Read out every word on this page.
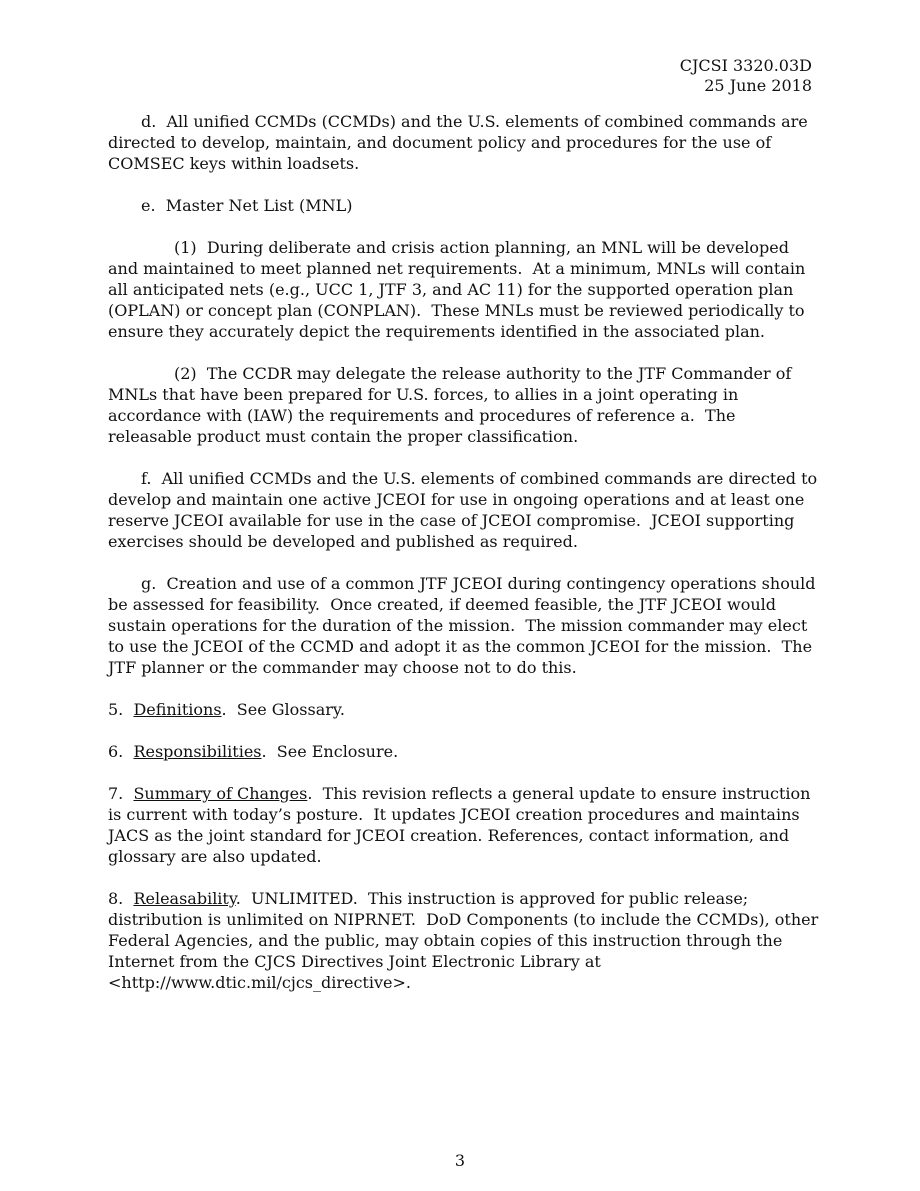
CJCSI 3320.03D
25 June 2018

d.  All unified CCMDs (CCMDs) and the U.S. elements of combined commands are directed to develop, maintain, and document policy and procedures for the use of COMSEC keys within loadsets.

e.  Master Net List (MNL)

(1)  During deliberate and crisis action planning, an MNL will be developed and maintained to meet planned net requirements.  At a minimum, MNLs will contain all anticipated nets (e.g., UCC 1, JTF 3, and AC 11) for the supported operation plan (OPLAN) or concept plan (CONPLAN).  These MNLs must be reviewed periodically to ensure they accurately depict the requirements identified in the associated plan.

(2)  The CCDR may delegate the release authority to the JTF Commander of MNLs that have been prepared for U.S. forces, to allies in a joint operating in accordance with (IAW) the requirements and procedures of reference a.  The releasable product must contain the proper classification.

f.  All unified CCMDs and the U.S. elements of combined commands are directed to develop and maintain one active JCEOI for use in ongoing operations and at least one reserve JCEOI available for use in the case of JCEOI compromise.  JCEOI supporting exercises should be developed and published as required.

g.  Creation and use of a common JTF JCEOI during contingency operations should be assessed for feasibility.  Once created, if deemed feasible, the JTF JCEOI would sustain operations for the duration of the mission.  The mission commander may elect to use the JCEOI of the CCMD and adopt it as the common JCEOI for the mission.  The JTF planner or the commander may choose not to do this.

5.  Definitions.  See Glossary.

6.  Responsibilities.  See Enclosure.

7.  Summary of Changes.  This revision reflects a general update to ensure instruction is current with today’s posture.  It updates JCEOI creation procedures and maintains JACS as the joint standard for JCEOI creation. References, contact information, and glossary are also updated.

8.  Releasability.  UNLIMITED.  This instruction is approved for public release; distribution is unlimited on NIPRNET.  DoD Components (to include the CCMDs), other Federal Agencies, and the public, may obtain copies of this instruction through the Internet from the CJCS Directives Joint Electronic Library at <http://www.dtic.mil/cjcs_directive>.

3
